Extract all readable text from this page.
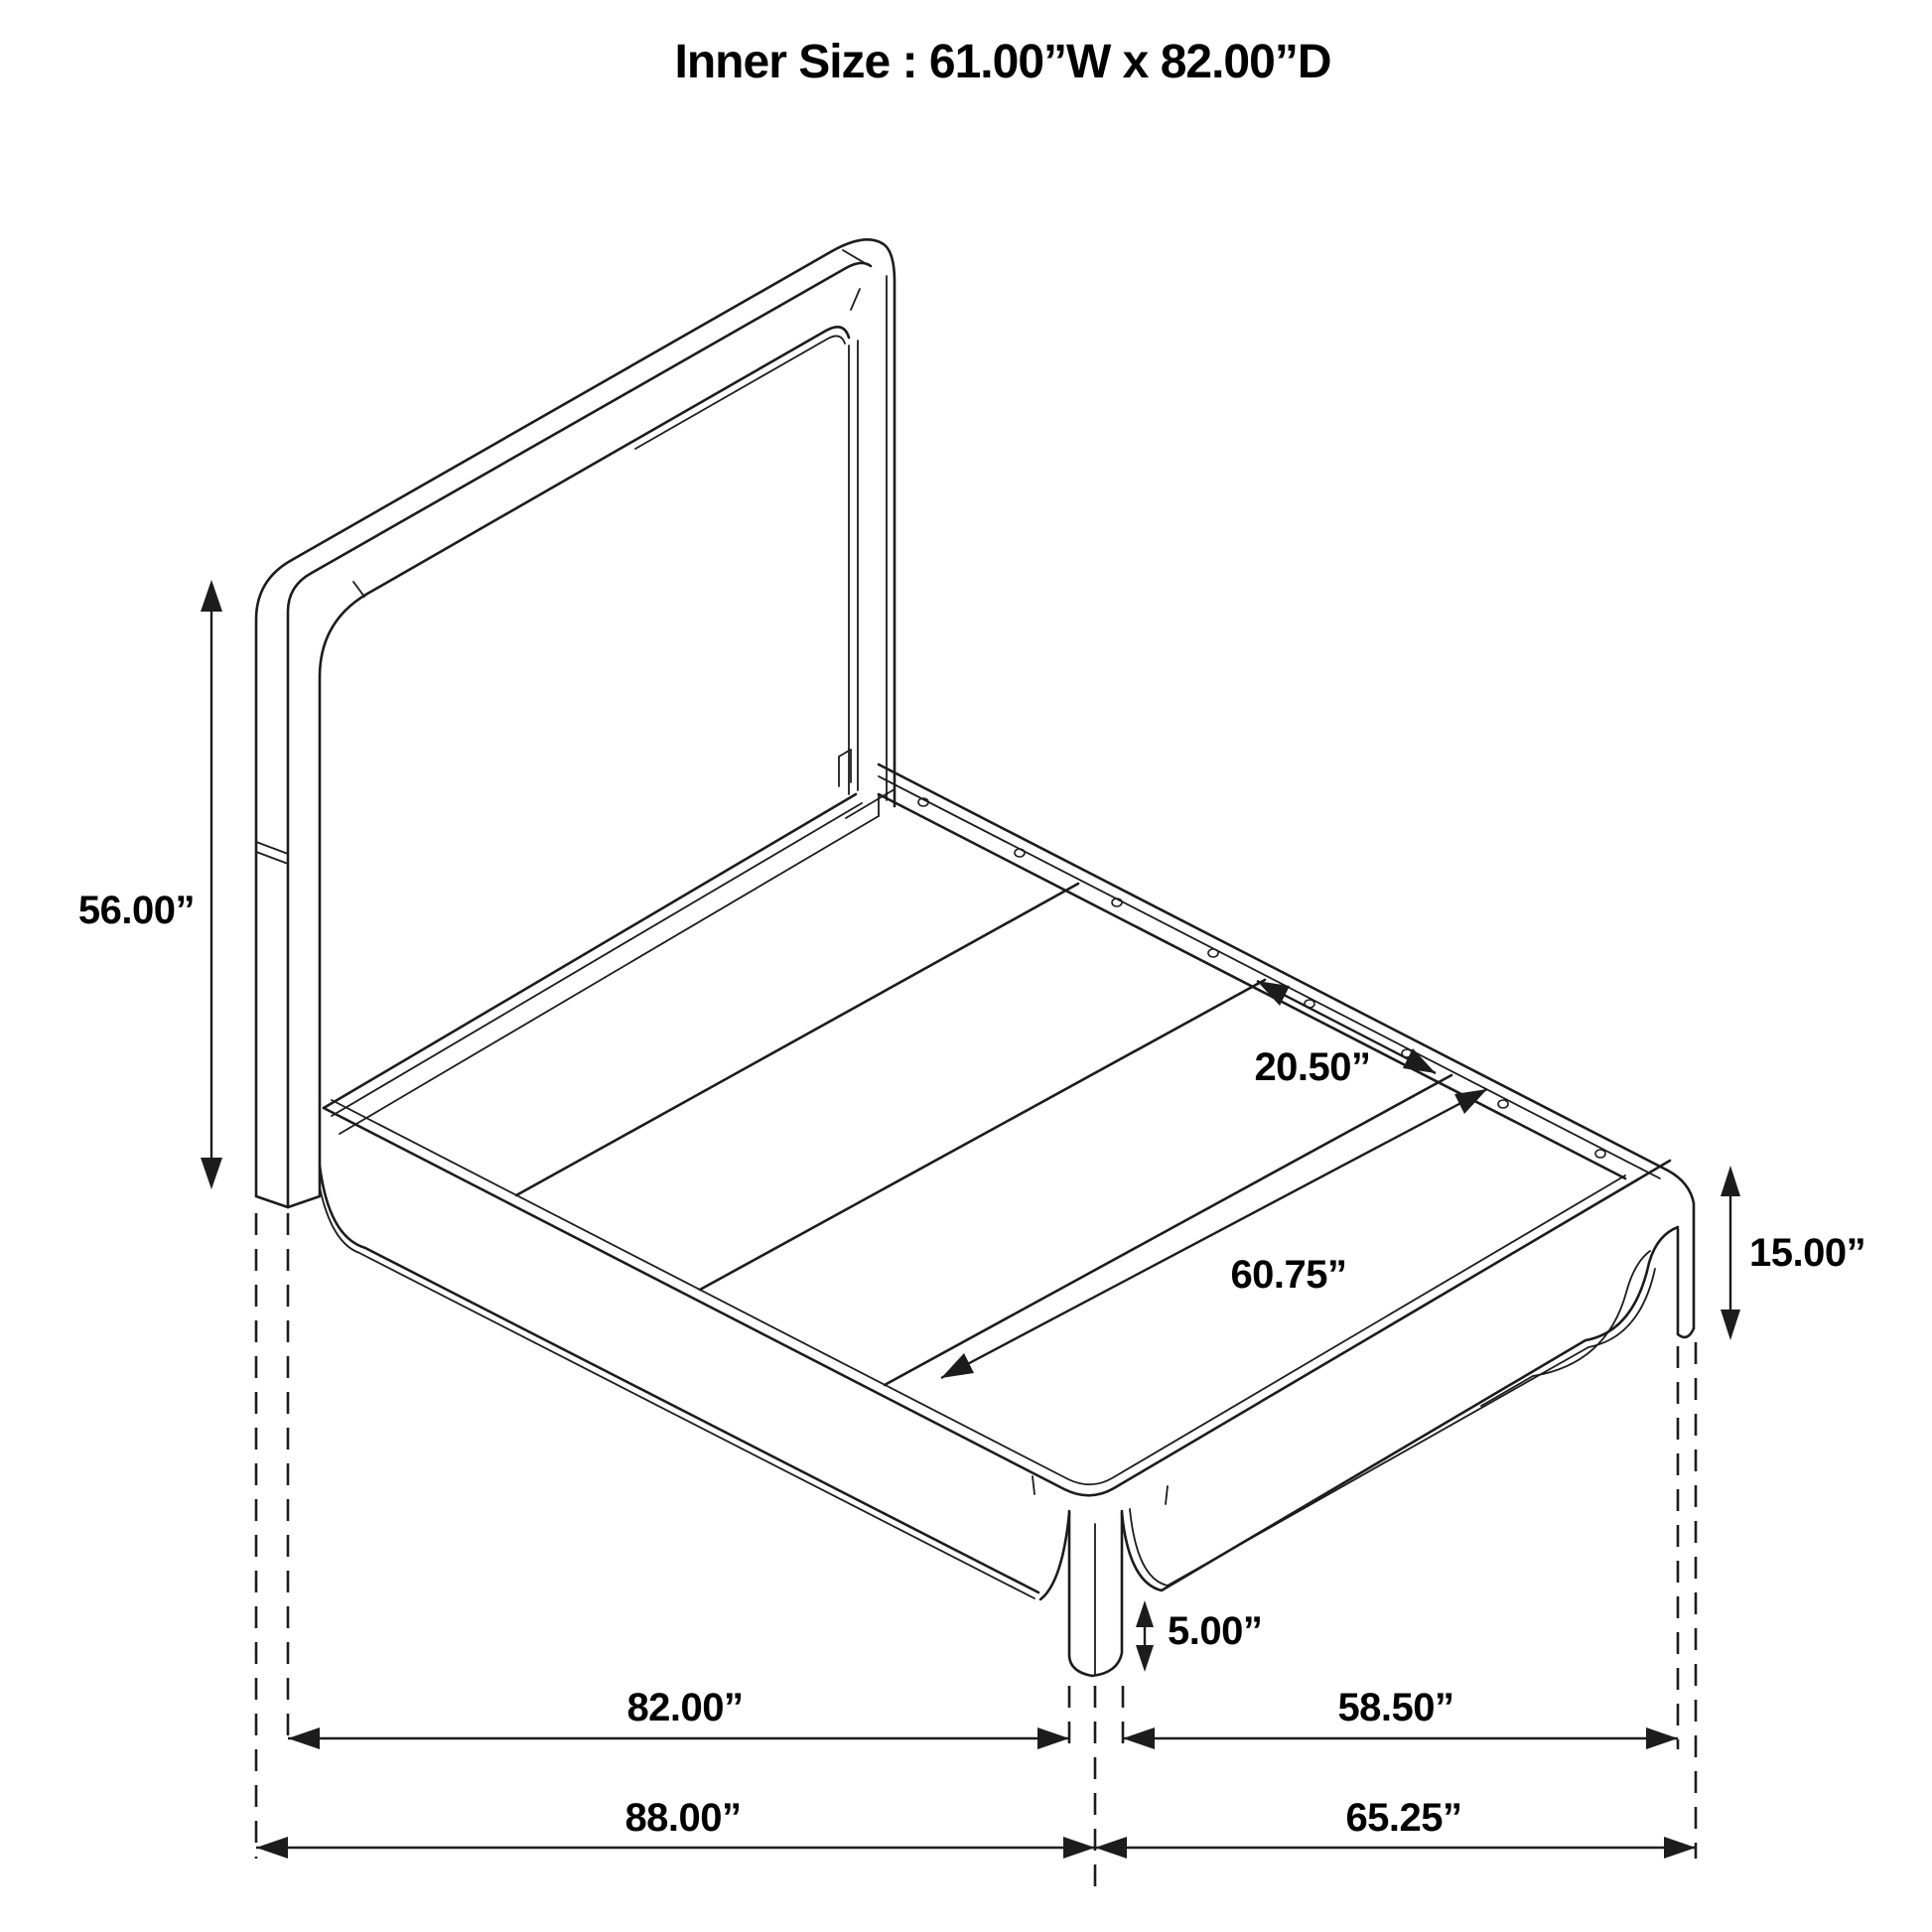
Inner Size : 61.00”W x 82.00”D
56.00”
20.50”
60.75”	15.00”
5.00”
82.00”	58.50”
88.00”	65.25”
